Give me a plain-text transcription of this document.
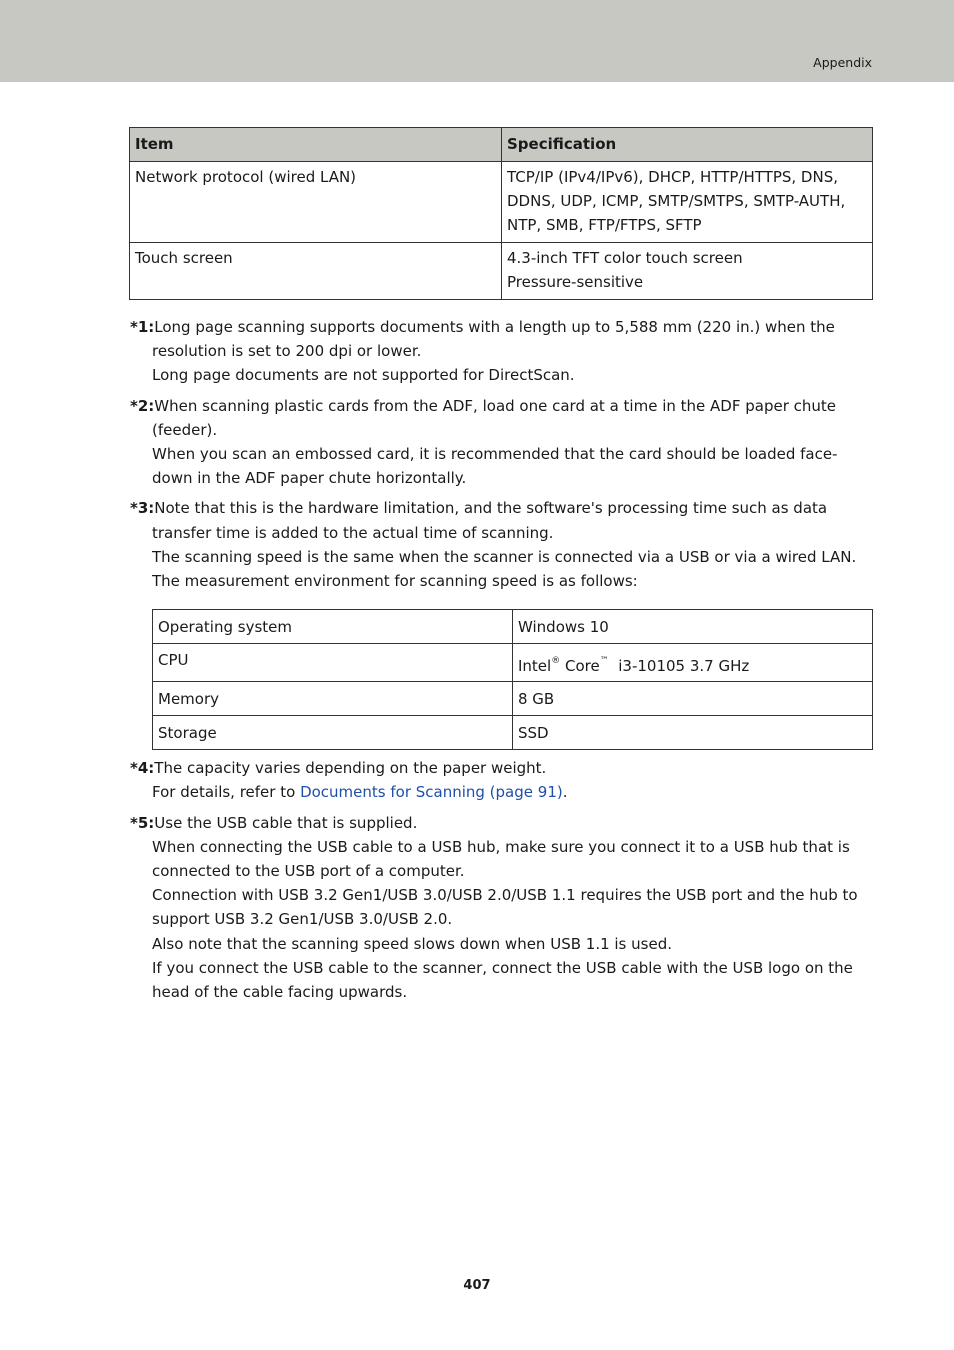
Appendix
Item	Specification
Network protocol (wired LAN)	TCP/IP (IPv4/IPv6), DHCP, HTTP/HTTPS, DNS,
DDNS, UDP, ICMP, SMTP/SMTPS, SMTP-AUTH,
NTP, SMB, FTP/FTPS, SFTP

Touch screen	4.3-inch TFT color touch screen
Pressure-sensitive

*1:Long page scanning supports documents with a length up to 5,588 mm (220 in.) when the resolution is set to 200 dpi or lower.

Long page documents are not supported for DirectScan.

*2:When scanning plastic cards from the ADF, load one card at a time in the ADF paper chute (feeder).

When you scan an embossed card, it is recommended that the card should be loaded face-down in the ADF paper chute horizontally.

*3:Note that this is the hardware limitation, and the software's processing time such as data transfer time is added to the actual time of scanning.

The scanning speed is the same when the scanner is connected via a USB or via a wired LAN.

The measurement environment for scanning speed is as follows:

Operating system	Windows 10
CPU	Intel® Core™  i3-10105 3.7 GHz
Memory	8 GB
Storage	SSD

*4:The capacity varies depending on the paper weight.

For details, refer to Documents for Scanning (page 91).

*5:Use the USB cable that is supplied.

When connecting the USB cable to a USB hub, make sure you connect it to a USB hub that is connected to the USB port of a computer.

Connection with USB 3.2 Gen1/USB 3.0/USB 2.0/USB 1.1 requires the USB port and the hub to support USB 3.2 Gen1/USB 3.0/USB 2.0.

Also note that the scanning speed slows down when USB 1.1 is used.

If you connect the USB cable to the scanner, connect the USB cable with the USB logo on the head of the cable facing upwards.

407
